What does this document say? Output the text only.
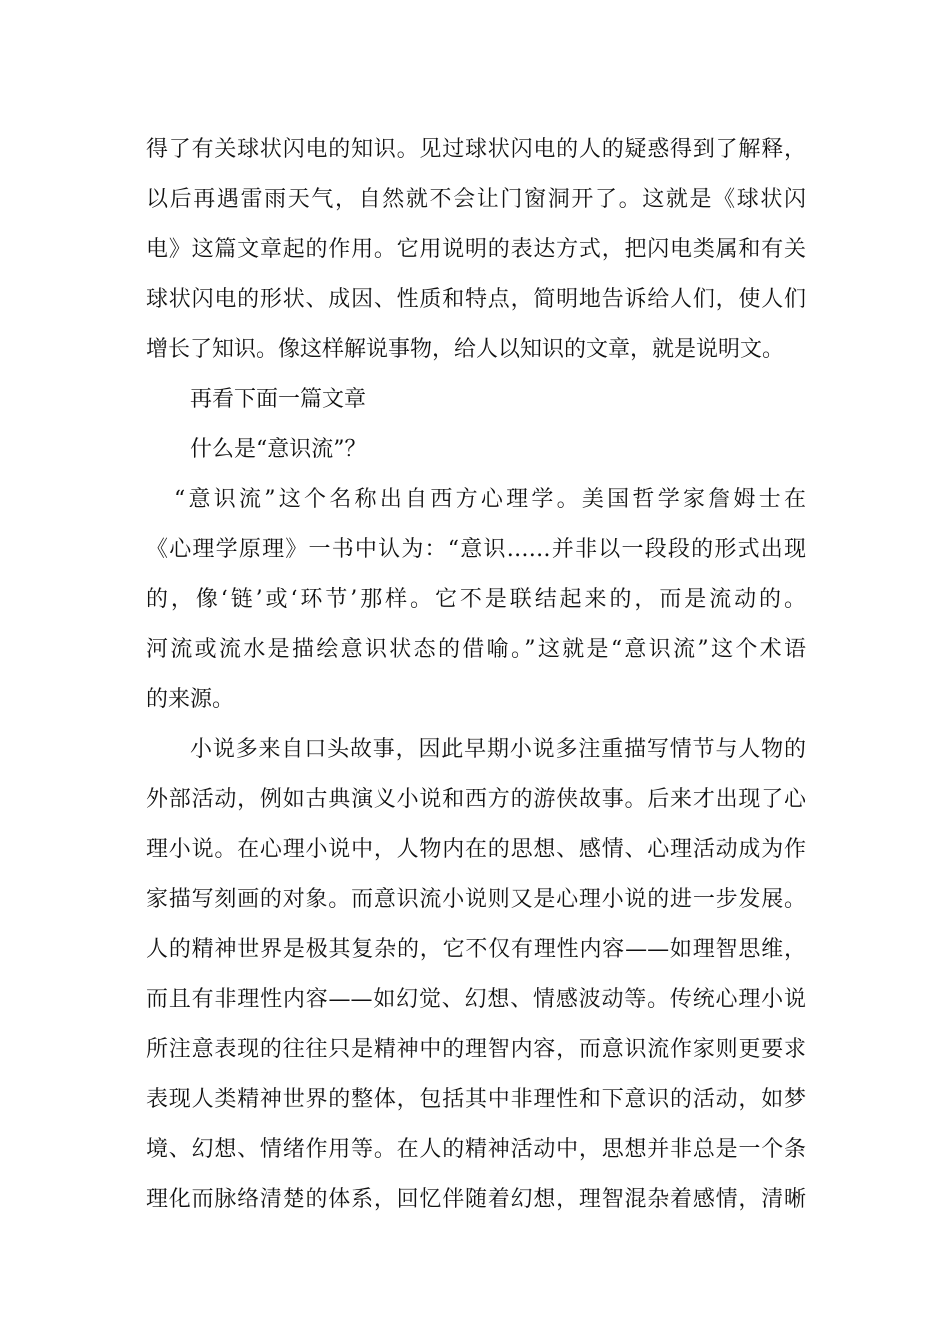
得了有关球状闪电的知识。见过球状闪电的人的疑惑得到了解释，
以后再遇雷雨天气，自然就不会让门窗洞开了。这就是《球状闪
电》这篇文章起的作用。它用说明的表达方式，把闪电类属和有关
球状闪电的形状、成因、性质和特点，简明地告诉给人们，使人们
增长了知识。像这样解说事物，给人以知识的文章，就是说明文。
再看下面一篇文章
什么是“意识流”？
“意识流”这个名称出自西方心理学。美国哲学家詹姆士在
《心理学原理》一书中认为：“意识……并非以一段段的形式出现
的，像‘链’或‘环节’那样。它不是联结起来的，而是流动的。
河流或流水是描绘意识状态的借喻。”这就是“意识流”这个术语
的来源。
小说多来自口头故事，因此早期小说多注重描写情节与人物的
外部活动，例如古典演义小说和西方的游侠故事。后来才出现了心
理小说。在心理小说中，人物内在的思想、感情、心理活动成为作
家描写刻画的对象。而意识流小说则又是心理小说的进一步发展。
人的精神世界是极其复杂的，它不仅有理性内容——如理智思维，
而且有非理性内容——如幻觉、幻想、情感波动等。传统心理小说
所注意表现的往往只是精神中的理智内容，而意识流作家则更要求
表现人类精神世界的整体，包括其中非理性和下意识的活动，如梦
境、幻想、情绪作用等。在人的精神活动中，思想并非总是一个条
理化而脉络清楚的体系，回忆伴随着幻想，理智混杂着感情，清晰
